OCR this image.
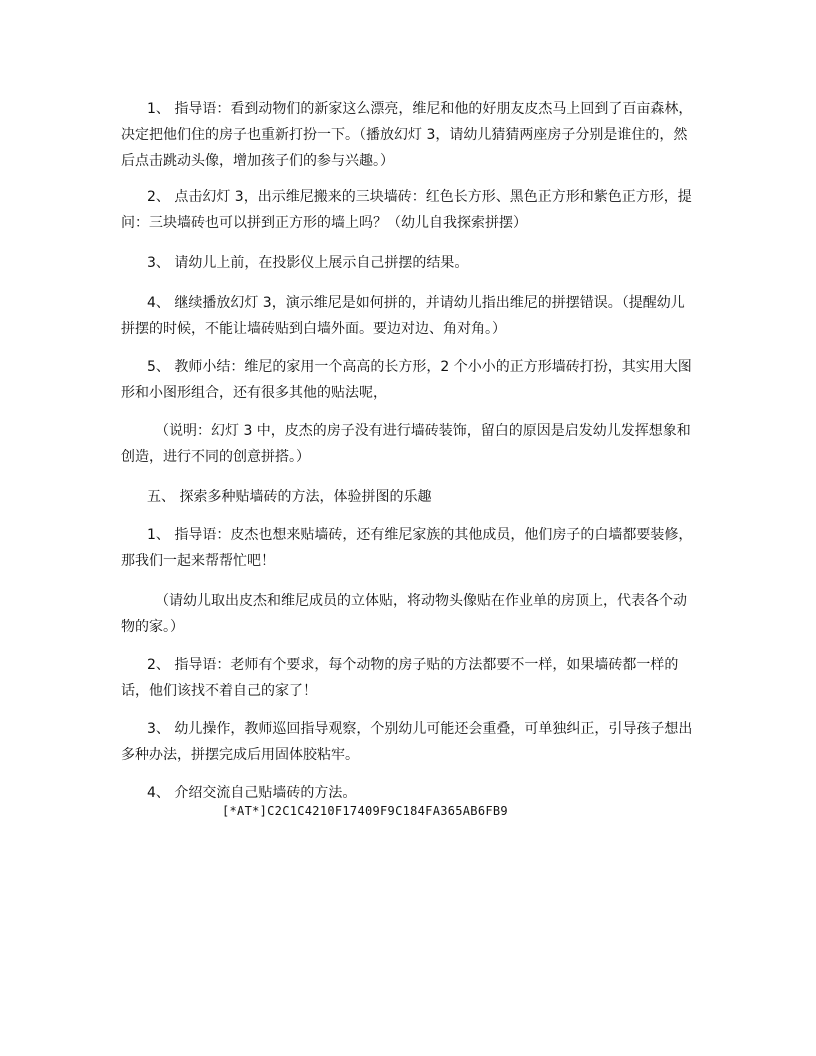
1、 指导语：看到动物们的新家这么漂亮，维尼和他的好朋友皮杰马上回到了百亩森林，决定把他们住的房子也重新打扮一下。（播放幻灯 3，请幼儿猜猜两座房子分别是谁住的，然后点击跳动头像，增加孩子们的参与兴趣。）

2、 点击幻灯 3，出示维尼搬来的三块墙砖：红色长方形、黑色正方形和紫色正方形，提问：三块墙砖也可以拼到正方形的墙上吗？（幼儿自我探索拼摆）

3、 请幼儿上前，在投影仪上展示自己拼摆的结果。

4、 继续播放幻灯 3，演示维尼是如何拼的，并请幼儿指出维尼的拼摆错误。（提醒幼儿拼摆的时候，不能让墙砖贴到白墙外面。要边对边、角对角。）

5、 教师小结：维尼的家用一个高高的长方形，2 个小小的正方形墙砖打扮，其实用大图形和小图形组合，还有很多其他的贴法呢，

（说明：幻灯 3 中，皮杰的房子没有进行墙砖装饰，留白的原因是启发幼儿发挥想象和创造，进行不同的创意拼搭。）

五、 探索多种贴墙砖的方法，体验拼图的乐趣

1、 指导语：皮杰也想来贴墙砖，还有维尼家族的其他成员，他们房子的白墙都要装修，那我们一起来帮帮忙吧！

（请幼儿取出皮杰和维尼成员的立体贴，将动物头像贴在作业单的房顶上，代表各个动物的家。）

2、 指导语：老师有个要求，每个动物的房子贴的方法都要不一样，如果墙砖都一样的话，他们该找不着自己的家了！

3、 幼儿操作，教师巡回指导观察，个别幼儿可能还会重叠，可单独纠正，引导孩子想出多种办法，拼摆完成后用固体胶粘牢。

4、 介绍交流自己贴墙砖的方法。

[*AT*]C2C1C4210F17409F9C184FA365AB6FB9
